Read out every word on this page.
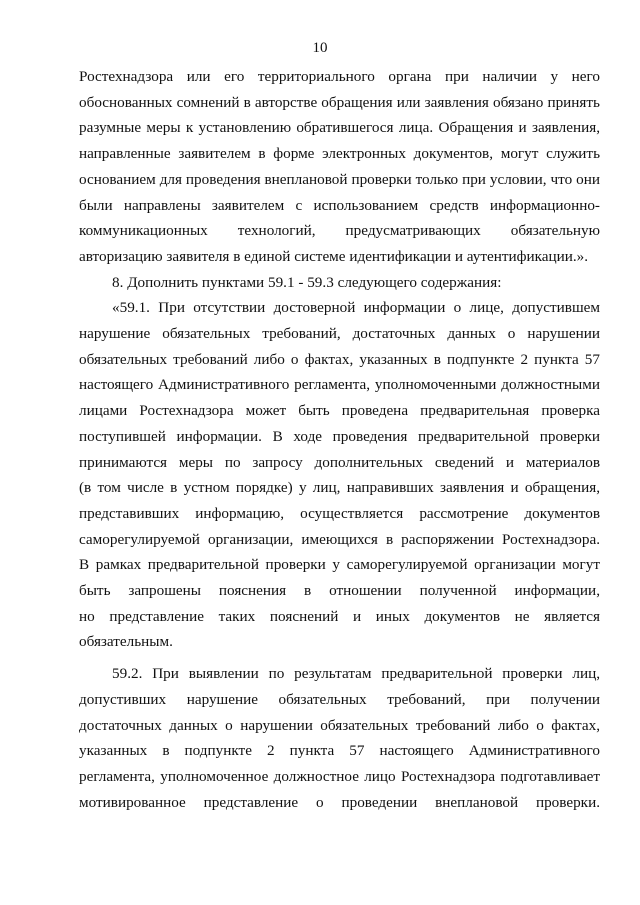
10
Ростехнадзора или его территориального органа при наличии у него
обоснованных сомнений в авторстве обращения или заявления обязано принять
разумные меры к установлению обратившегося лица. Обращения и заявления,
направленные заявителем в форме электронных документов, могут служить
основанием для проведения внеплановой проверки только при условии, что они
были направлены заявителем с использованием средств информационно-
коммуникационных технологий, предусматривающих обязательную
авторизацию заявителя в единой системе идентификации и аутентификации.».
8. Дополнить пунктами 59.1 - 59.3 следующего содержания:
«59.1. При отсутствии достоверной информации о лице, допустившем
нарушение обязательных требований, достаточных данных о нарушении
обязательных требований либо о фактах, указанных в подпункте 2 пункта 57
настоящего Административного регламента, уполномоченными должностными
лицами Ростехнадзора может быть проведена предварительная проверка
поступившей информации. В ходе проведения предварительной проверки
принимаются меры по запросу дополнительных сведений и материалов
(в том числе в устном порядке) у лиц, направивших заявления и обращения,
представивших информацию, осуществляется рассмотрение документов
саморегулируемой организации, имеющихся в распоряжении Ростехнадзора.
В рамках предварительной проверки у саморегулируемой организации могут
быть запрошены пояснения в отношении полученной информации,
но представление таких пояснений и иных документов не является
обязательным.
59.2. При выявлении по результатам предварительной проверки лиц,
допустивших нарушение обязательных требований, при получении
достаточных данных о нарушении обязательных требований либо о фактах,
указанных в подпункте 2 пункта 57 настоящего Административного
регламента, уполномоченное должностное лицо Ростехнадзора подготавливает
мотивированное представление о проведении внеплановой проверки.
